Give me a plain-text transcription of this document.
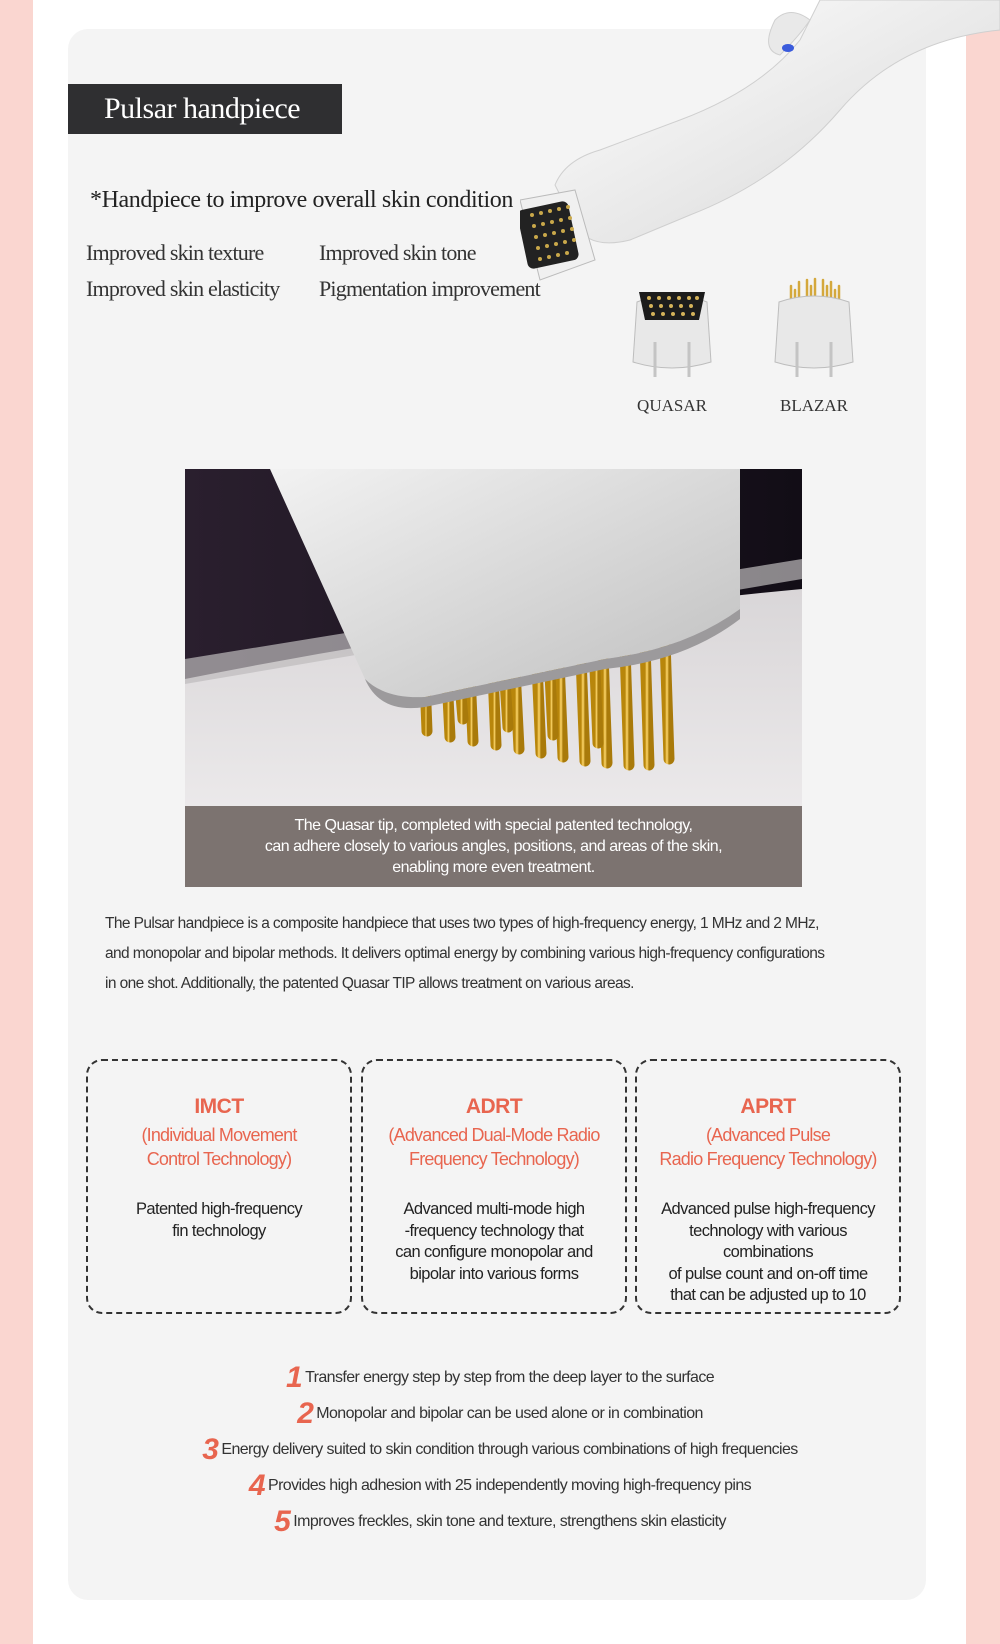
Pulsar handpiece
*Handpiece to improve overall skin condition
Improved skin texture	Improved skin tone
Improved skin elasticity Pigmentation improvement
QUASAR	BLAZAR
The Quasar tip, completed with special patented technology,
can adhere closely to various angles, positions, and areas of the skin,
enabling more even treatment.
The Pulsar handpiece is a composite handpiece that uses two types of high-frequency energy, 1 MHz and 2 MHz,
and monopolar and bipolar methods. It delivers optimal energy by combining various high-frequency configurations
in one shot. Additionally, the patented Quasar TIP allows treatment on various areas.
IMCT
(Individual Movement
Control Technology)
Patented high-frequency
fin technology
ADRT
(Advanced Dual-Mode Radio
Frequency Technology)
Advanced multi-mode high
-frequency technology that
can configure monopolar and
bipolar into various forms
APRT
(Advanced Pulse
Radio Frequency Technology)
Advanced pulse high-frequency
technology with various combinations
of pulse count and on-off time
that can be adjusted up to 10
1 Transfer energy step by step from the deep layer to the surface
2 Monopolar and bipolar can be used alone or in combination
3 Energy delivery suited to skin condition through various combinations of high frequencies
4 Provides high adhesion with 25 independently moving high-frequency pins
5 Improves freckles, skin tone and texture, strengthens skin elasticity
